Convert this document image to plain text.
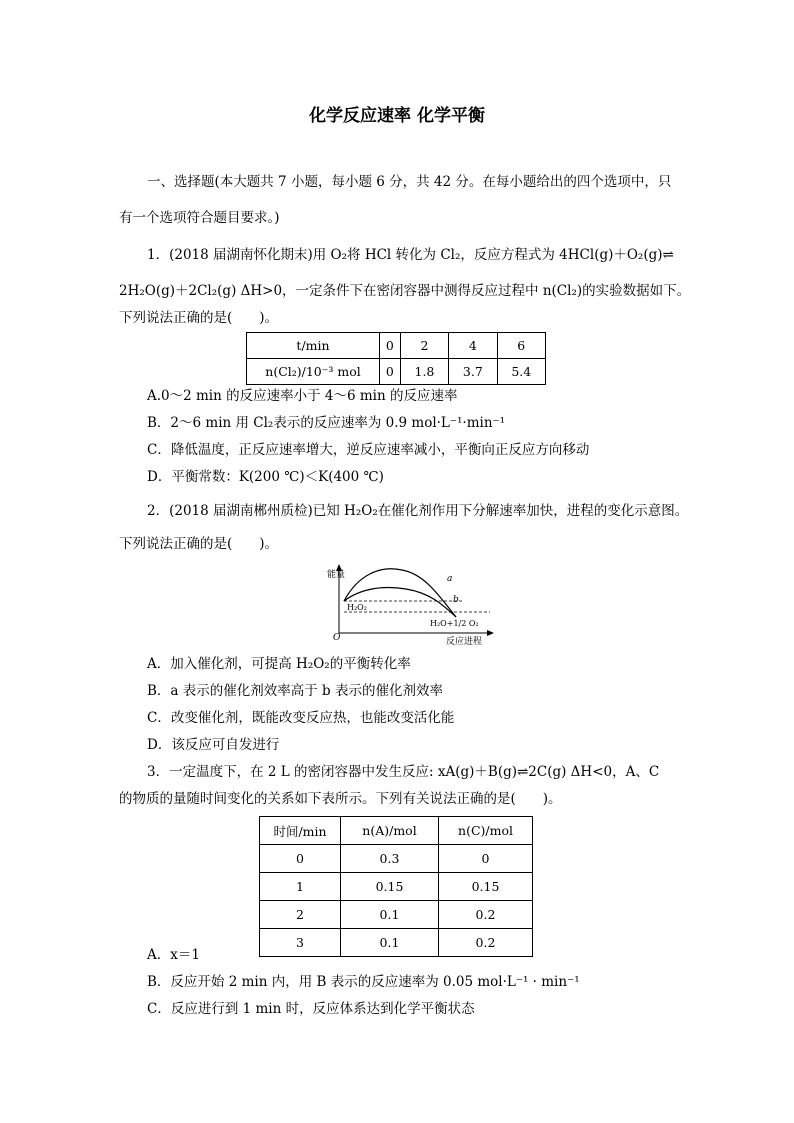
化学反应速率 化学平衡
一、选择题(本大题共 7 小题，每小题 6 分，共 42 分。在每小题给出的四个选项中，只
有一个选项符合题目要求。)
1．(2018 届湖南怀化期末)用 O₂将 HCl 转化为 Cl₂，反应方程式为 4HCl(g)＋O₂(g)⇌
2H₂O(g)＋2Cl₂(g) ΔH>0，一定条件下在密闭容器中测得反应过程中 n(Cl₂)的实验数据如下。
下列说法正确的是(　　)。
t/min	0	2	4	6
n(Cl₂)/10⁻³ mol	0	1.8	3.7	5.4
A.0～2 min 的反应速率小于 4～6 min 的反应速率
B．2～6 min 用 Cl₂表示的反应速率为 0.9 mol·L⁻¹·min⁻¹
C．降低温度，正反应速率增大，逆反应速率减小，平衡向正反应方向移动
D．平衡常数：K(200 ℃)＜K(400 ℃)
2．(2018 届湖南郴州质检)已知 H₂O₂在催化剂作用下分解速率加快，进程的变化示意图。
下列说法正确的是(　　)。
能量
H₂O₂
a
b
H₂O+1/2 O₂
O	反应进程
A．加入催化剂，可提高 H₂O₂的平衡转化率
B．a 表示的催化剂效率高于 b 表示的催化剂效率
C．改变催化剂，既能改变反应热，也能改变活化能
D．该反应可自发进行
3．一定温度下，在 2 L 的密闭容器中发生反应: xA(g)＋B(g)⇌2C(g) ΔH<0，A、C
的物质的量随时间变化的关系如下表所示。下列有关说法正确的是(　　)。
时间/min	n(A)/mol	n(C)/mol
0	0.3	0
1	0.15	0.15
2	0.1	0.2
3	0.1	0.2
A．x＝1
B．反应开始 2 min 内，用 B 表示的反应速率为 0.05 mol·L⁻¹ · min⁻¹
C．反应进行到 1 min 时，反应体系达到化学平衡状态
